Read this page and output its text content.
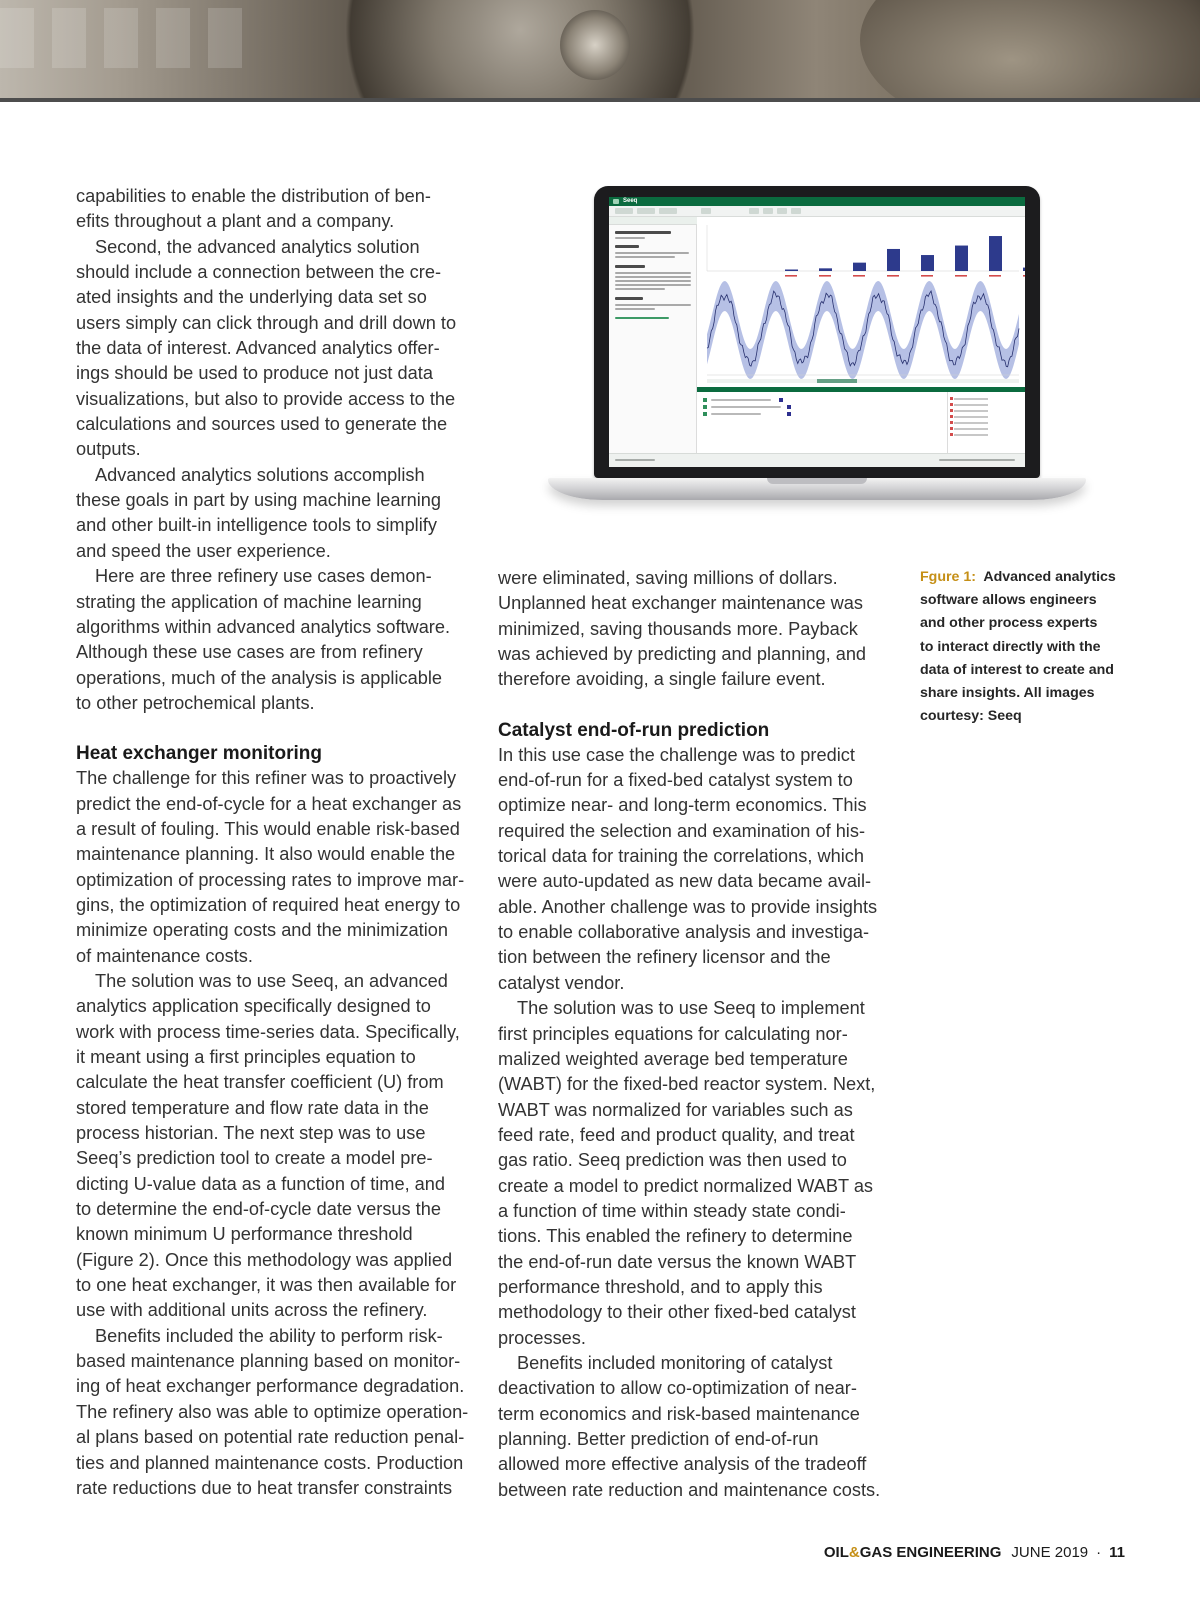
capabilities to enable the distribution of ben-

efits throughout a plant and a company.

Second, the advanced analytics solution

should include a connection between the cre-

ated insights and the underlying data set so

users simply can click through and drill down to

the data of interest. Advanced analytics offer-

ings should be used to produce not just data

visualizations, but also to provide access to the

calculations and sources used to generate the

outputs.

Advanced analytics solutions accomplish

these goals in part by using machine learning

and other built-in intelligence tools to simplify

and speed the user experience.

Here are three refinery use cases demon-

strating the application of machine learning

algorithms within advanced analytics software.

Although these use cases are from refinery

operations, much of the analysis is applicable

to other petrochemical plants.

Heat exchanger monitoring

The challenge for this refiner was to proactively

predict the end-of-cycle for a heat exchanger as

a result of fouling. This would enable risk-based

maintenance planning. It also would enable the

optimization of processing rates to improve mar-

gins, the optimization of required heat energy to

minimize operating costs and the minimization

of maintenance costs.

The solution was to use Seeq, an advanced

analytics application specifically designed to

work with process time-series data. Specifically,

it meant using a first principles equation to

calculate the heat transfer coefficient (U) from

stored temperature and flow rate data in the

process historian. The next step was to use

Seeq’s prediction tool to create a model pre-

dicting U-value data as a function of time, and

to determine the end-of-cycle date versus the

known minimum U performance threshold

(Figure 2). Once this methodology was applied

to one heat exchanger, it was then available for

use with additional units across the refinery.

Benefits included the ability to perform risk-

based maintenance planning based on monitor-

ing of heat exchanger performance degradation.

The refinery also was able to optimize operation-

al plans based on potential rate reduction penal-

ties and planned maintenance costs. Production

rate reductions due to heat transfer constraints

Seeq

were eliminated, saving millions of dollars.

Unplanned heat exchanger maintenance was

minimized, saving thousands more. Payback

was achieved by predicting and planning, and

therefore avoiding, a single failure event.

Catalyst end-of-run prediction

In this use case the challenge was to predict

end-of-run for a fixed-bed catalyst system to

optimize near- and long-term economics. This

required the selection and examination of his-

torical data for training the correlations, which

were auto-updated as new data became avail-

able. Another challenge was to provide insights

to enable collaborative analysis and investiga-

tion between the refinery licensor and the

catalyst vendor.

The solution was to use Seeq to implement

first principles equations for calculating nor-

malized weighted average bed temperature

(WABT) for the fixed-bed reactor system. Next,

WABT was normalized for variables such as

feed rate, feed and product quality, and treat

gas ratio. Seeq prediction was then used to

create a model to predict normalized WABT as

a function of time within steady state condi-

tions. This enabled the refinery to determine

the end-of-run date versus the known WABT

performance threshold, and to apply this

methodology to their other fixed-bed catalyst

processes.

Benefits included monitoring of catalyst

deactivation to allow co-optimization of near-

term economics and risk-based maintenance

planning. Better prediction of end-of-run

allowed more effective analysis of the tradeoff

between rate reduction and maintenance costs.

Fgure 1: Advanced analytics
software allows engineers
and other process experts
to interact directly with the
data of interest to create and
share insights. All images
courtesy: Seeq
OIL&GAS ENGINEERING JUNE 2019 · 11
